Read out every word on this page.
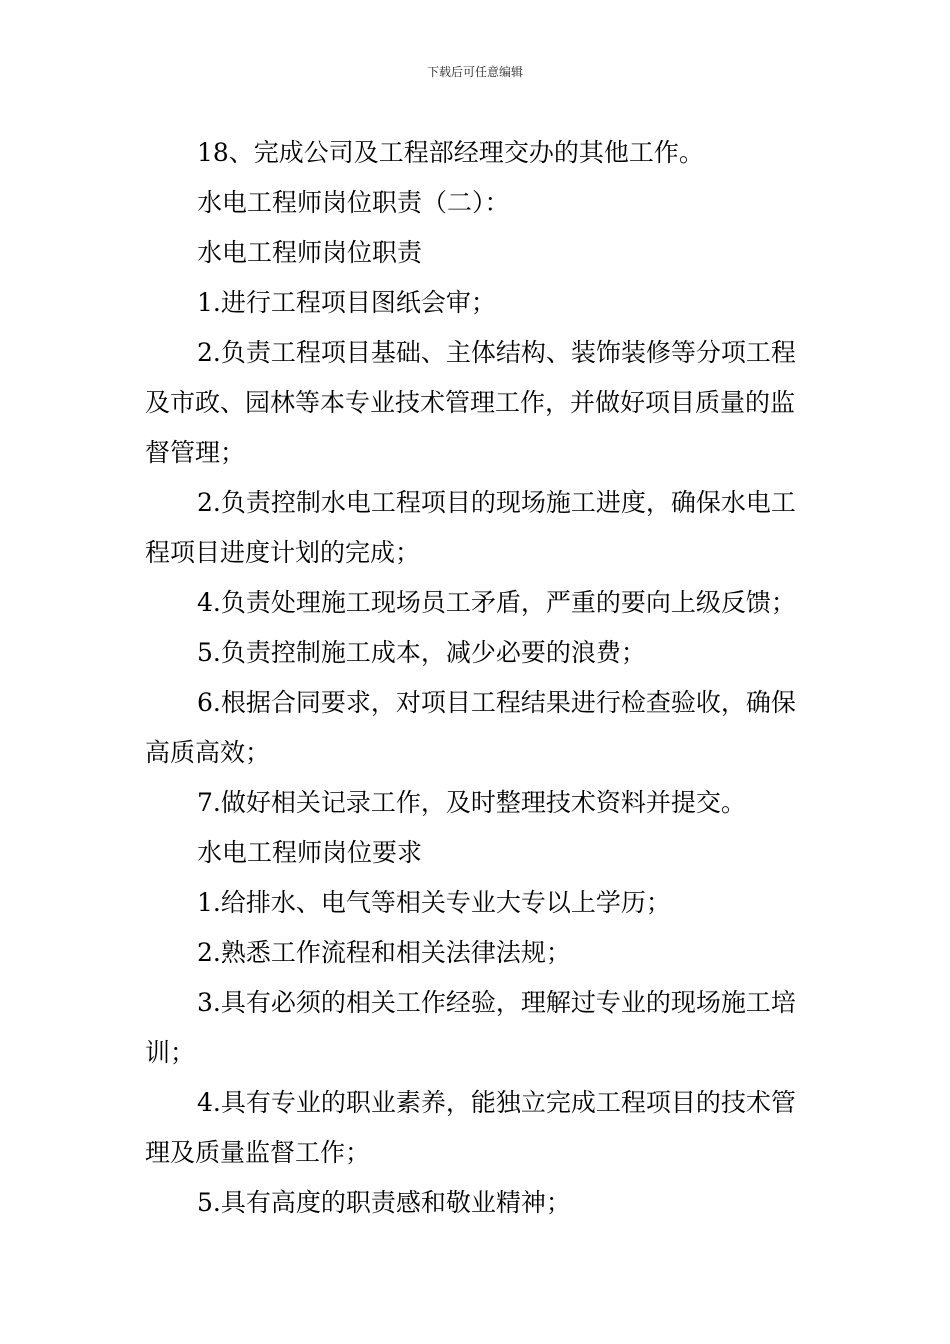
下载后可任意编辑

18、完成公司及工程部经理交办的其他工作。

水电工程师岗位职责（二）：

水电工程师岗位职责

1.进行工程项目图纸会审；

2.负责工程项目基础、主体结构、装饰装修等分项工程及市政、园林等本专业技术管理工作，并做好项目质量的监督管理；

2.负责控制水电工程项目的现场施工进度，确保水电工程项目进度计划的完成；

4.负责处理施工现场员工矛盾，严重的要向上级反馈；

5.负责控制施工成本，减少必要的浪费；

6.根据合同要求，对项目工程结果进行检查验收，确保高质高效；

7.做好相关记录工作，及时整理技术资料并提交。

水电工程师岗位要求

1.给排水、电气等相关专业大专以上学历；

2.熟悉工作流程和相关法律法规；

3.具有必须的相关工作经验，理解过专业的现场施工培训；

4.具有专业的职业素养，能独立完成工程项目的技术管理及质量监督工作；

5.具有高度的职责感和敬业精神；
